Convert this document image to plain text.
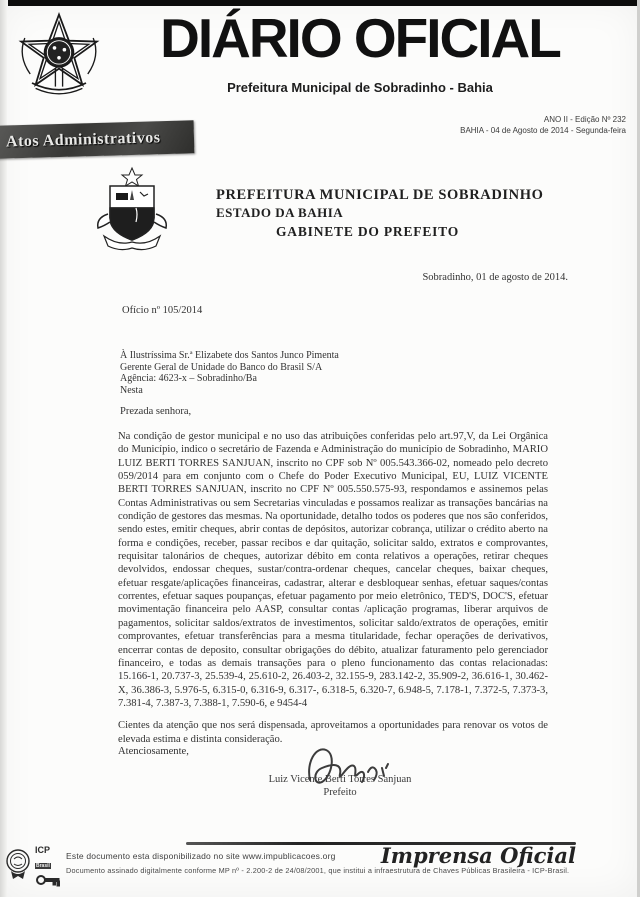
DIÁRIO OFICIAL
Prefeitura Municipal de Sobradinho - Bahia
Atos Administrativos
ANO II - Edição Nº 232
BAHIA - 04 de Agosto de 2014 - Segunda-feira
PREFEITURA MUNICIPAL DE SOBRADINHO
ESTADO DA BAHIA
GABINETE DO PREFEITO
Sobradinho, 01 de agosto de 2014.
Ofício nº 105/2014
À Ilustríssima Sr.ª Elizabete dos Santos Junco Pimenta
Gerente Geral de Unidade do Banco do Brasil S/A
Agência: 4623-x – Sobradinho/Ba
Nesta
Prezada senhora,
Na condição de gestor municipal e no uso das atribuições conferidas pelo art.97,V, da Lei Orgânica do Município, indico o secretário de Fazenda e Administração do município de Sobradinho, MARIO LUIZ BERTI TORRES SANJUAN, inscrito no CPF sob Nº 005.543.366-02, nomeado pelo decreto 059/2014 para em conjunto com o Chefe do Poder Executivo Municipal, EU, LUIZ VICENTE BERTI TORRES SANJUAN, inscrito no CPF Nº 005.550.575-93, respondamos e assinemos pelas Contas Administrativas ou sem Secretarias vinculadas e possamos realizar as transações bancárias na condição de gestores das mesmas. Na oportunidade, detalho todos os poderes que nos são conferidos, sendo estes, emitir cheques, abrir contas de depósitos, autorizar cobrança, utilizar o crédito aberto na forma e condições, receber, passar recibos e dar quitação, solicitar saldo, extratos e comprovantes, requisitar talonários de cheques, autorizar débito em conta relativos a operações, retirar cheques devolvidos, endossar cheques, sustar/contra-ordenar cheques, cancelar cheques, baixar cheques, efetuar resgate/aplicações financeiras, cadastrar, alterar e desbloquear senhas, efetuar saques/contas correntes, efetuar saques poupanças, efetuar pagamento por meio eletrônico, TED'S, DOC'S, efetuar movimentação financeira pelo AASP, consultar contas /aplicação programas, liberar arquivos de pagamentos, solicitar saldos/extratos de investimentos, solicitar saldo/extratos de operações, emitir comprovantes, efetuar transferências para a mesma titularidade, fechar operações de derivativos, encerrar contas de deposito, consultar obrigações do débito, atualizar faturamento pelo gerenciador financeiro, e todas as demais transações para o pleno funcionamento das contas relacionadas: 15.166-1, 20.737-3, 25.539-4, 25.610-2, 26.403-2, 32.155-9, 283.142-2, 35.909-2, 36.616-1, 30.462-X, 36.386-3, 5.976-5, 6.315-0, 6.316-9, 6.317-, 6.318-5, 6.320-7, 6.948-5, 7.178-1, 7.372-5, 7.373-3, 7.381-4, 7.387-3, 7.388-1, 7.590-6, e 9454-4
Cientes da atenção que nos será dispensada, aproveitamos a oportunidades para renovar os votos de elevada estima e distinta consideração.
Atenciosamente,
Luiz Vicente Berti Torres Sanjuan
Prefeito
ICP
Brasil
Este documento esta disponibilizado no site www.impublicacoes.org
Documento assinado digitalmente conforme MP nº - 2.200-2 de 24/08/2001, que institui a infraestrutura de Chaves Públicas Brasileira - ICP-Brasil.
Imprensa Oficial
